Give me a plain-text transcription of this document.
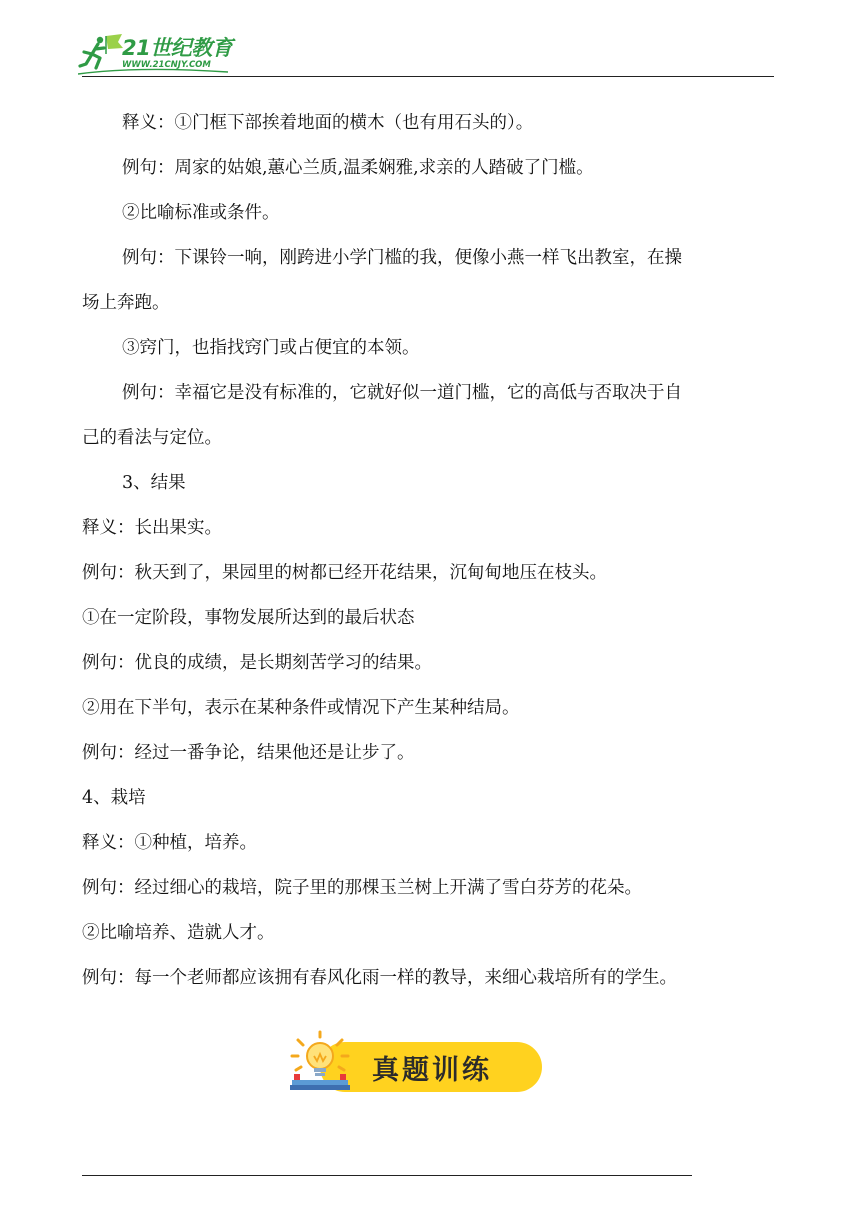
21世纪教育
WWW.21CNJY.COM
释义：①门框下部挨着地面的横木（也有用石头的）。
例句：周家的姑娘,蕙心兰质,温柔娴雅,求亲的人踏破了门槛。
②比喻标准或条件。
例句：下课铃一响，刚跨进小学门槛的我，便像小燕一样飞出教室，在操
场上奔跑。
③窍门，也指找窍门或占便宜的本领。
例句：幸福它是没有标准的，它就好似一道门槛，它的高低与否取决于自
己的看法与定位。
3、结果
释义：长出果实。
例句：秋天到了，果园里的树都已经开花结果，沉甸甸地压在枝头。
①在一定阶段，事物发展所达到的最后状态
例句：优良的成绩，是长期刻苦学习的结果。
②用在下半句，表示在某种条件或情况下产生某种结局。
例句：经过一番争论，结果他还是让步了。
4、栽培
释义：①种植，培养。
例句：经过细心的栽培，院子里的那棵玉兰树上开满了雪白芬芳的花朵。
②比喻培养、造就人才。
例句：每一个老师都应该拥有春风化雨一样的教导，来细心栽培所有的学生。
真题训练
